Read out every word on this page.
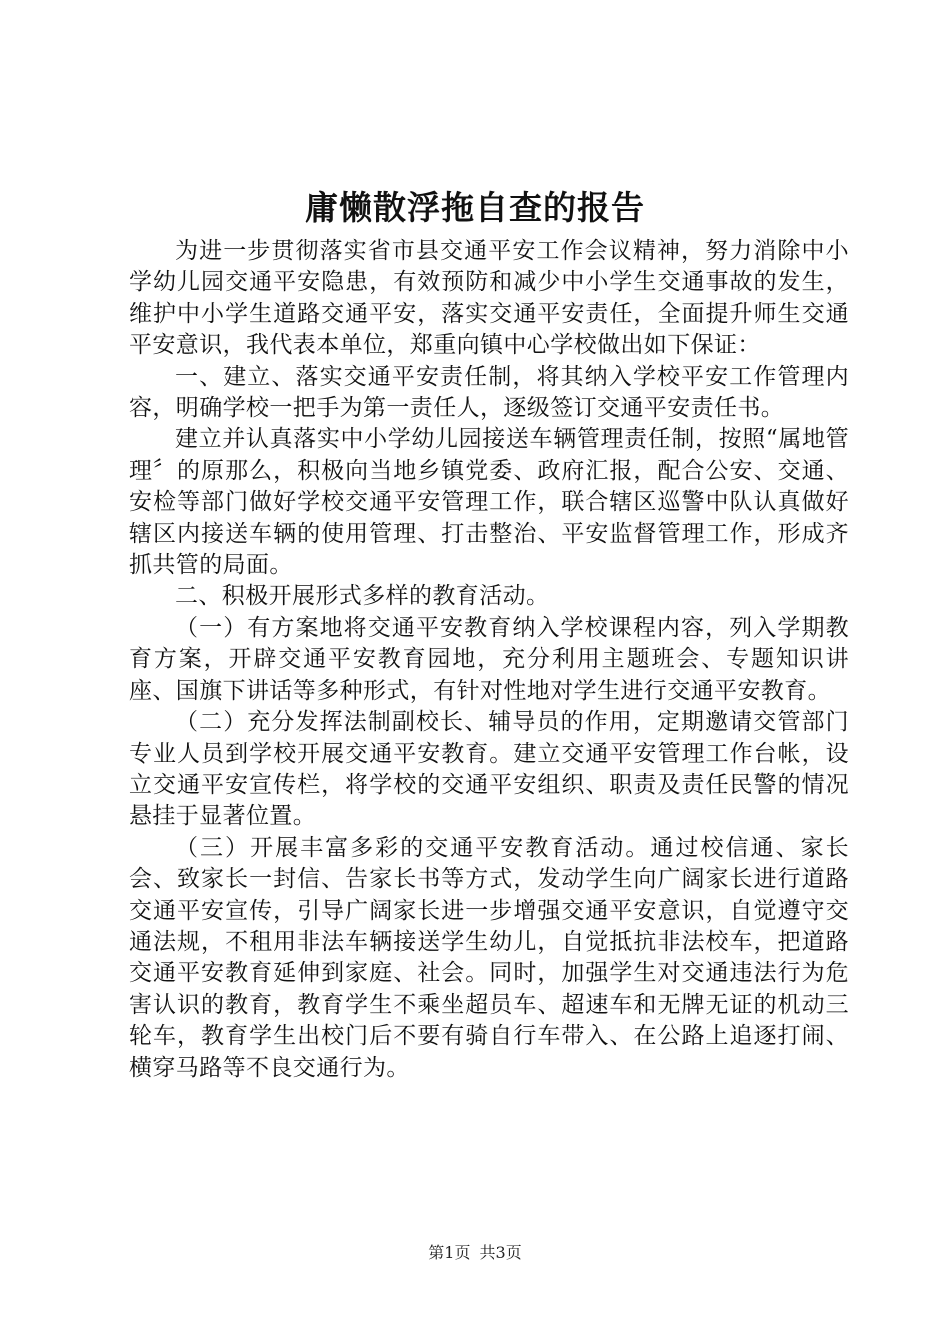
庸懒散浮拖自查的报告

为进一步贯彻落实省市县交通平安工作会议精神，努力消除中小学幼儿园交通平安隐患，有效预防和减少中小学生交通事故的发生，维护中小学生道路交通平安，落实交通平安责任，全面提升师生交通平安意识，我代表本单位，郑重向镇中心学校做出如下保证：

一、建立、落实交通平安责任制，将其纳入学校平安工作管理内容，明确学校一把手为第一责任人，逐级签订交通平安责任书。

建立并认真落实中小学幼儿园接送车辆管理责任制，按照“属地管理〞的原那么，积极向当地乡镇党委、政府汇报，配合公安、交通、安检等部门做好学校交通平安管理工作，联合辖区巡警中队认真做好辖区内接送车辆的使用管理、打击整治、平安监督管理工作，形成齐抓共管的局面。

二、积极开展形式多样的教育活动。

（一）有方案地将交通平安教育纳入学校课程内容，列入学期教育方案，开辟交通平安教育园地，充分利用主题班会、专题知识讲座、国旗下讲话等多种形式，有针对性地对学生进行交通平安教育。

（二）充分发挥法制副校长、辅导员的作用，定期邀请交管部门专业人员到学校开展交通平安教育。建立交通平安管理工作台帐，设立交通平安宣传栏，将学校的交通平安组织、职责及责任民警的情况悬挂于显著位置。

（三）开展丰富多彩的交通平安教育活动。通过校信通、家长会、致家长一封信、告家长书等方式，发动学生向广阔家长进行道路交通平安宣传，引导广阔家长进一步增强交通平安意识，自觉遵守交通法规，不租用非法车辆接送学生幼儿，自觉抵抗非法校车，把道路交通平安教育延伸到家庭、社会。同时，加强学生对交通违法行为危害认识的教育，教育学生不乘坐超员车、超速车和无牌无证的机动三轮车，教育学生出校门后不要有骑自行车带入、在公路上追逐打闹、横穿马路等不良交通行为。

第1页 共3页
